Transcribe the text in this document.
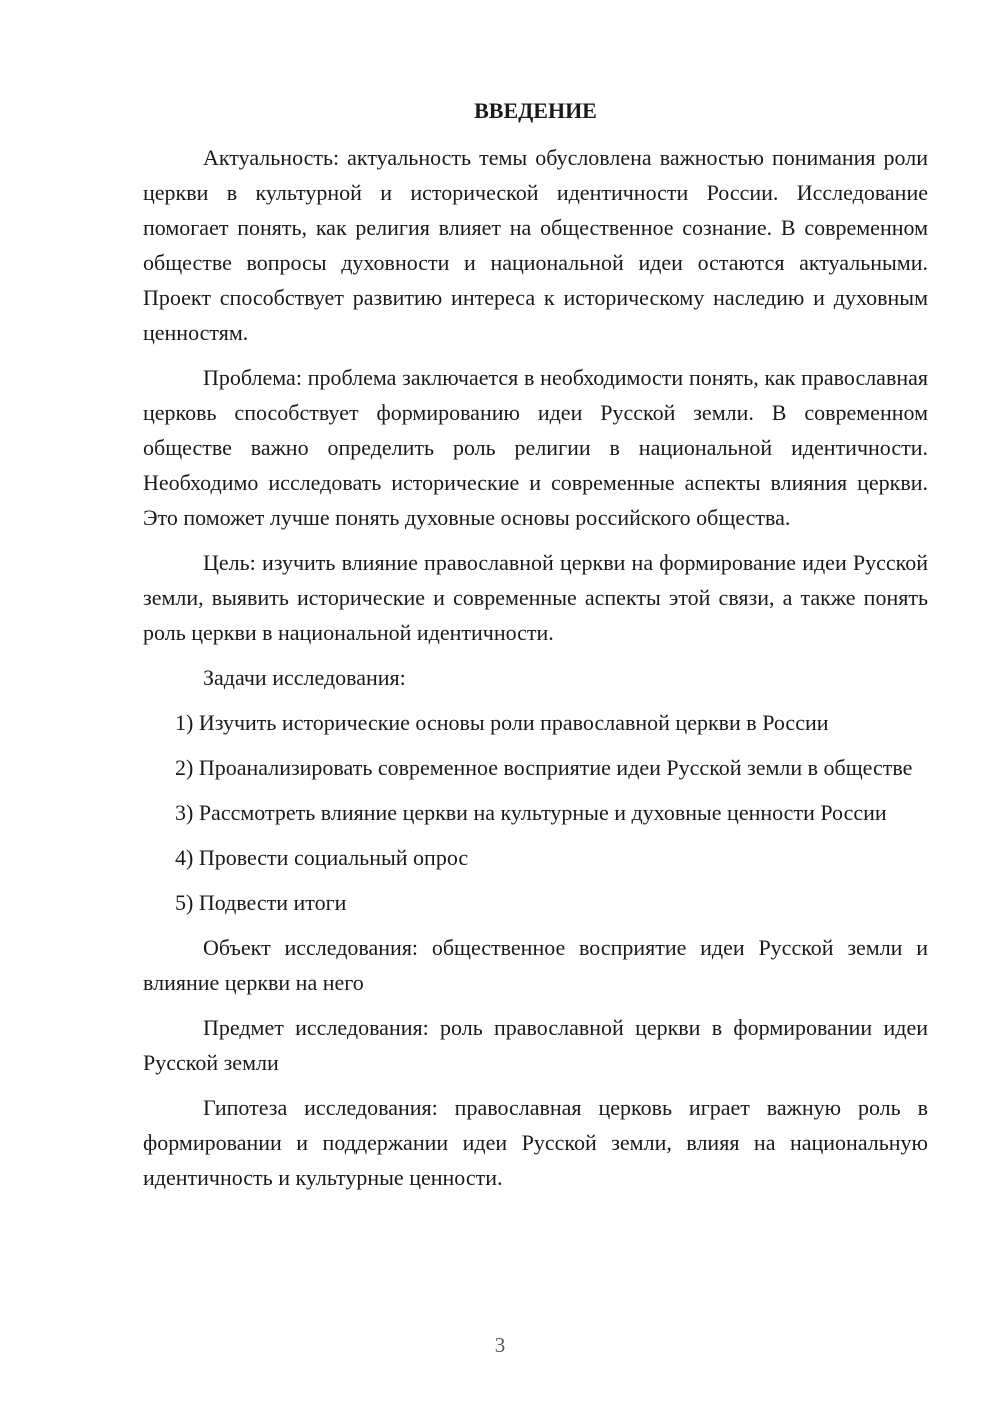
ВВЕДЕНИЕ

Актуальность: актуальность темы обусловлена важностью понимания роли церкви в культурной и исторической идентичности России. Исследование помогает понять, как религия влияет на общественное сознание. В современном обществе вопросы духовности и национальной идеи остаются актуальными. Проект способствует развитию интереса к историческому наследию и духовным ценностям.

Проблема: проблема заключается в необходимости понять, как православная церковь способствует формированию идеи Русской земли. В современном обществе важно определить роль религии в национальной идентичности. Необходимо исследовать исторические и современные аспекты влияния церкви. Это поможет лучше понять духовные основы российского общества.

Цель: изучить влияние православной церкви на формирование идеи Русской земли, выявить исторические и современные аспекты этой связи, а также понять роль церкви в национальной идентичности.

Задачи исследования:

1) Изучить исторические основы роли православной церкви в России

2) Проанализировать современное восприятие идеи Русской земли в обществе

3) Рассмотреть влияние церкви на культурные и духовные ценности России

4) Провести социальный опрос

5) Подвести итоги

Объект исследования: общественное восприятие идеи Русской земли и влияние церкви на него

Предмет исследования: роль православной церкви в формировании идеи Русской земли

Гипотеза исследования: православная церковь играет важную роль в формировании и поддержании идеи Русской земли, влияя на национальную идентичность и культурные ценности.

3
